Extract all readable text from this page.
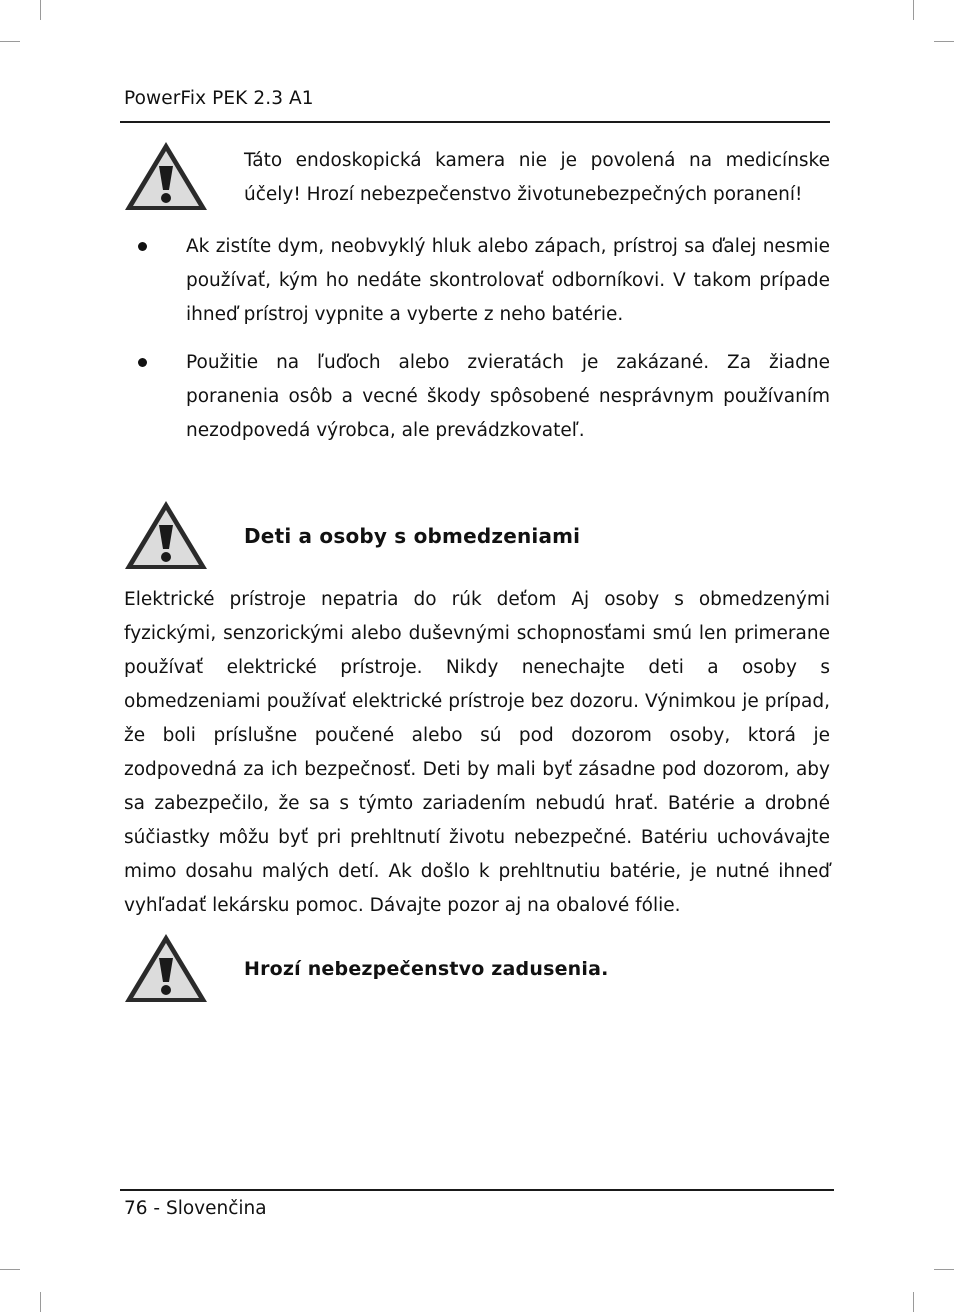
PowerFix PEK 2.3 A1
Táto endoskopická kamera nie je povolená na medicínske účely! Hrozí nebezpečenstvo životunebezpečných poranení!
Ak zistíte dym, neobvyklý hluk alebo zápach, prístroj sa ďalej nesmie používať, kým ho nedáte skontrolovať odborníkovi. V takom prípade ihneď prístroj vypnite a vyberte z neho batérie.
Použitie na ľuďoch alebo zvieratách je zakázané. Za žiadne poranenia osôb a vecné škody spôsobené nesprávnym používaním nezodpovedá výrobca, ale prevádzkovateľ.
Deti a osoby s obmedzeniami
Elektrické prístroje nepatria do rúk deťom Aj osoby s obmedzenými fyzickými, senzorickými alebo duševnými schopnosťami smú len primerane používať elektrické prístroje. Nikdy nenechajte deti a osoby s obmedzeniami používať elektrické prístroje bez dozoru. Výnimkou je prípad, že boli príslušne poučené alebo sú pod dozorom osoby, ktorá je zodpovedná za ich bezpečnosť. Deti by mali byť zásadne pod dozorom, aby sa zabezpečilo, že sa s týmto zariadením nebudú hrať. Batérie a drobné súčiastky môžu byť pri prehltnutí životu nebezpečné. Batériu uchovávajte mimo dosahu malých detí. Ak došlo k prehltnutiu batérie, je nutné ihneď vyhľadať lekársku pomoc. Dávajte pozor aj na obalové fólie.
Hrozí nebezpečenstvo zadusenia.
76 - Slovenčina
